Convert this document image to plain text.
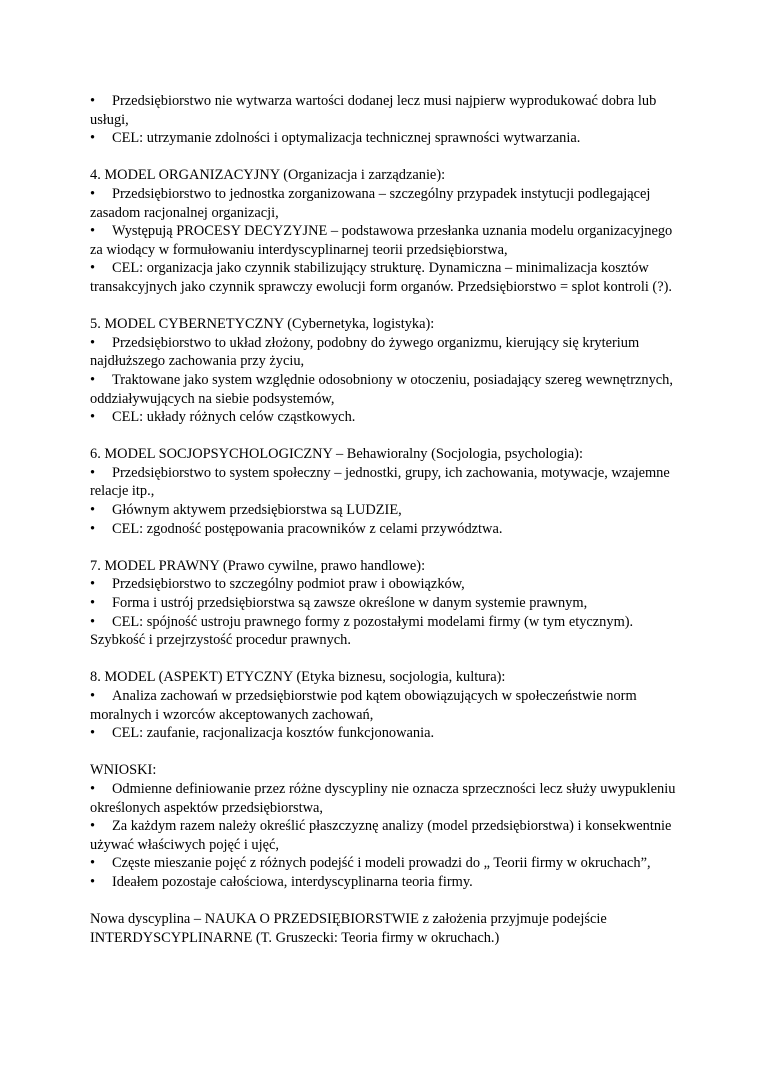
• Przedsiębiorstwo nie wytwarza wartości dodanej lecz musi najpierw wyprodukować dobra lub usługi,

• CEL: utrzymanie zdolności i optymalizacja technicznej sprawności wytwarzania.

4. MODEL ORGANIZACYJNY (Organizacja i zarządzanie):

• Przedsiębiorstwo to jednostka zorganizowana – szczególny przypadek instytucji podlegającej zasadom racjonalnej organizacji,

• Występują PROCESY DECYZYJNE – podstawowa przesłanka uznania modelu organizacyjnego za wiodący w formułowaniu interdyscyplinarnej teorii przedsiębiorstwa,

• CEL: organizacja jako czynnik stabilizujący strukturę. Dynamiczna – minimalizacja kosztów transakcyjnych jako czynnik sprawczy ewolucji form organów. Przedsiębiorstwo = splot kontroli (?).

5. MODEL CYBERNETYCZNY (Cybernetyka, logistyka):

• Przedsiębiorstwo to układ złożony, podobny do żywego organizmu, kierujący się kryterium najdłuższego zachowania przy życiu,

• Traktowane jako system względnie odosobniony w otoczeniu, posiadający szereg wewnętrznych, oddziaływujących na siebie podsystemów,

• CEL: układy różnych celów cząstkowych.

6. MODEL SOCJOPSYCHOLOGICZNY – Behawioralny (Socjologia, psychologia):

• Przedsiębiorstwo to system społeczny – jednostki, grupy, ich zachowania, motywacje, wzajemne relacje itp.,

• Głównym aktywem przedsiębiorstwa są LUDZIE,

• CEL: zgodność postępowania pracowników z celami przywództwa.

7. MODEL PRAWNY (Prawo cywilne, prawo handlowe):

• Przedsiębiorstwo to szczególny podmiot praw i obowiązków,

• Forma i ustrój przedsiębiorstwa są zawsze określone w danym systemie prawnym,

• CEL: spójność ustroju prawnego formy z pozostałymi modelami firmy (w tym etycznym). Szybkość i przejrzystość procedur prawnych.

8. MODEL (ASPEKT) ETYCZNY (Etyka biznesu, socjologia, kultura):

• Analiza zachowań w przedsiębiorstwie pod kątem obowiązujących w społeczeństwie norm moralnych i wzorców akceptowanych zachowań,

• CEL: zaufanie, racjonalizacja kosztów funkcjonowania.

WNIOSKI:

• Odmienne definiowanie przez różne dyscypliny nie oznacza sprzeczności lecz służy uwypukleniu określonych aspektów przedsiębiorstwa,

• Za każdym razem należy określić płaszczyznę analizy (model przedsiębiorstwa) i konsekwentnie używać właściwych pojęć i ujęć,

• Częste mieszanie pojęć z różnych podejść i modeli prowadzi do „ Teorii firmy w okruchach”,

• Ideałem pozostaje całościowa, interdyscyplinarna teoria firmy.

Nowa dyscyplina – NAUKA O PRZEDSIĘBIORSTWIE z założenia przyjmuje podejście INTERDYSCYPLINARNE (T. Gruszecki: Teoria firmy w okruchach.)
